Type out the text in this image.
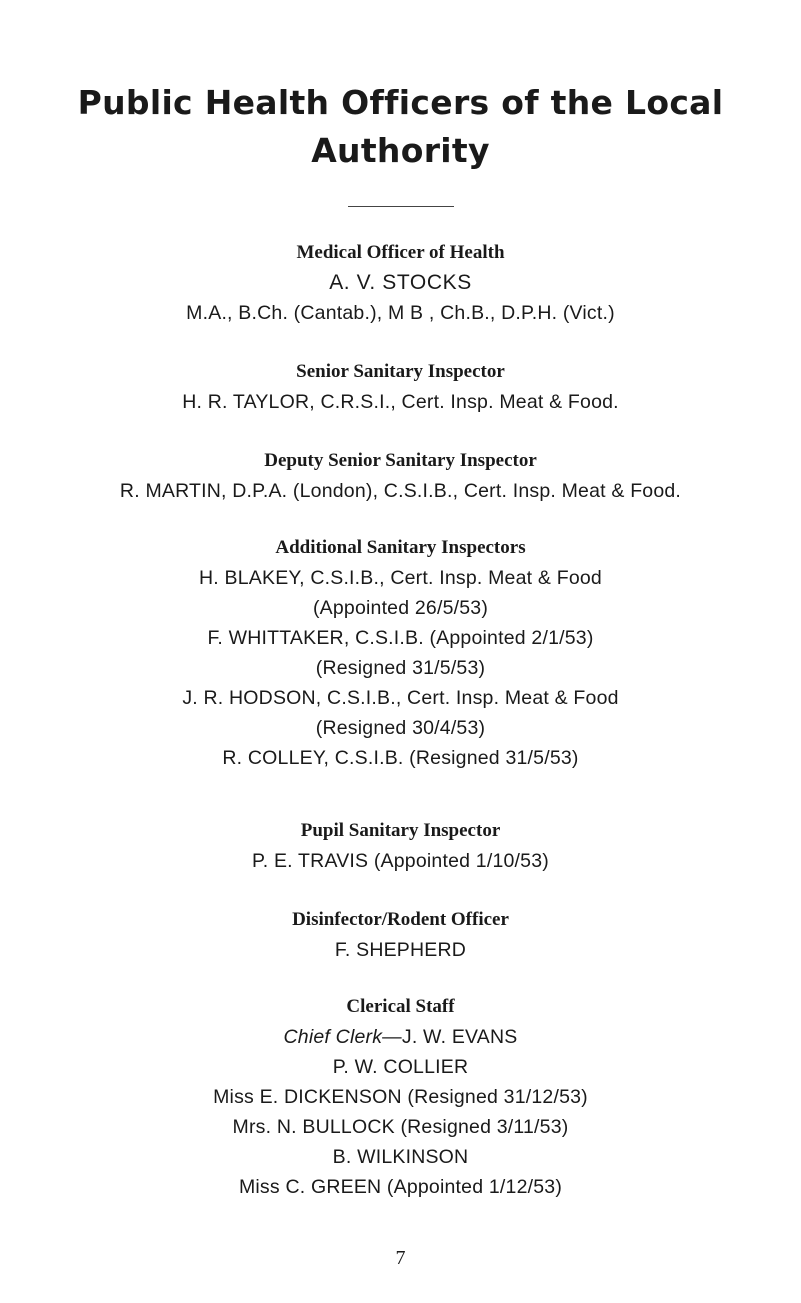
Public Health Officers of the Local
Authority
Medical Officer of Health
A. V. STOCKS
M.A., B.Ch. (Cantab.), M B , Ch.B., D.P.H. (Vict.)
Senior Sanitary Inspector
H. R. TAYLOR, C.R.S.I., Cert. Insp. Meat & Food.
Deputy Senior Sanitary Inspector
R. MARTIN, D.P.A. (London), C.S.I.B., Cert. Insp. Meat & Food.
Additional Sanitary Inspectors
H. BLAKEY, C.S.I.B., Cert. Insp. Meat & Food
(Appointed 26/5/53)
F. WHITTAKER, C.S.I.B. (Appointed 2/1/53)
(Resigned 31/5/53)
J. R. HODSON, C.S.I.B., Cert. Insp. Meat & Food
(Resigned 30/4/53)
R. COLLEY, C.S.I.B. (Resigned 31/5/53)
Pupil Sanitary Inspector
P. E. TRAVIS (Appointed 1/10/53)
Disinfector/Rodent Officer
F. SHEPHERD
Clerical Staff
Chief Clerk—J. W. EVANS
P. W. COLLIER
Miss E. DICKENSON (Resigned 31/12/53)
Mrs. N. BULLOCK (Resigned 3/11/53)
B. WILKINSON
Miss C. GREEN (Appointed 1/12/53)
7
